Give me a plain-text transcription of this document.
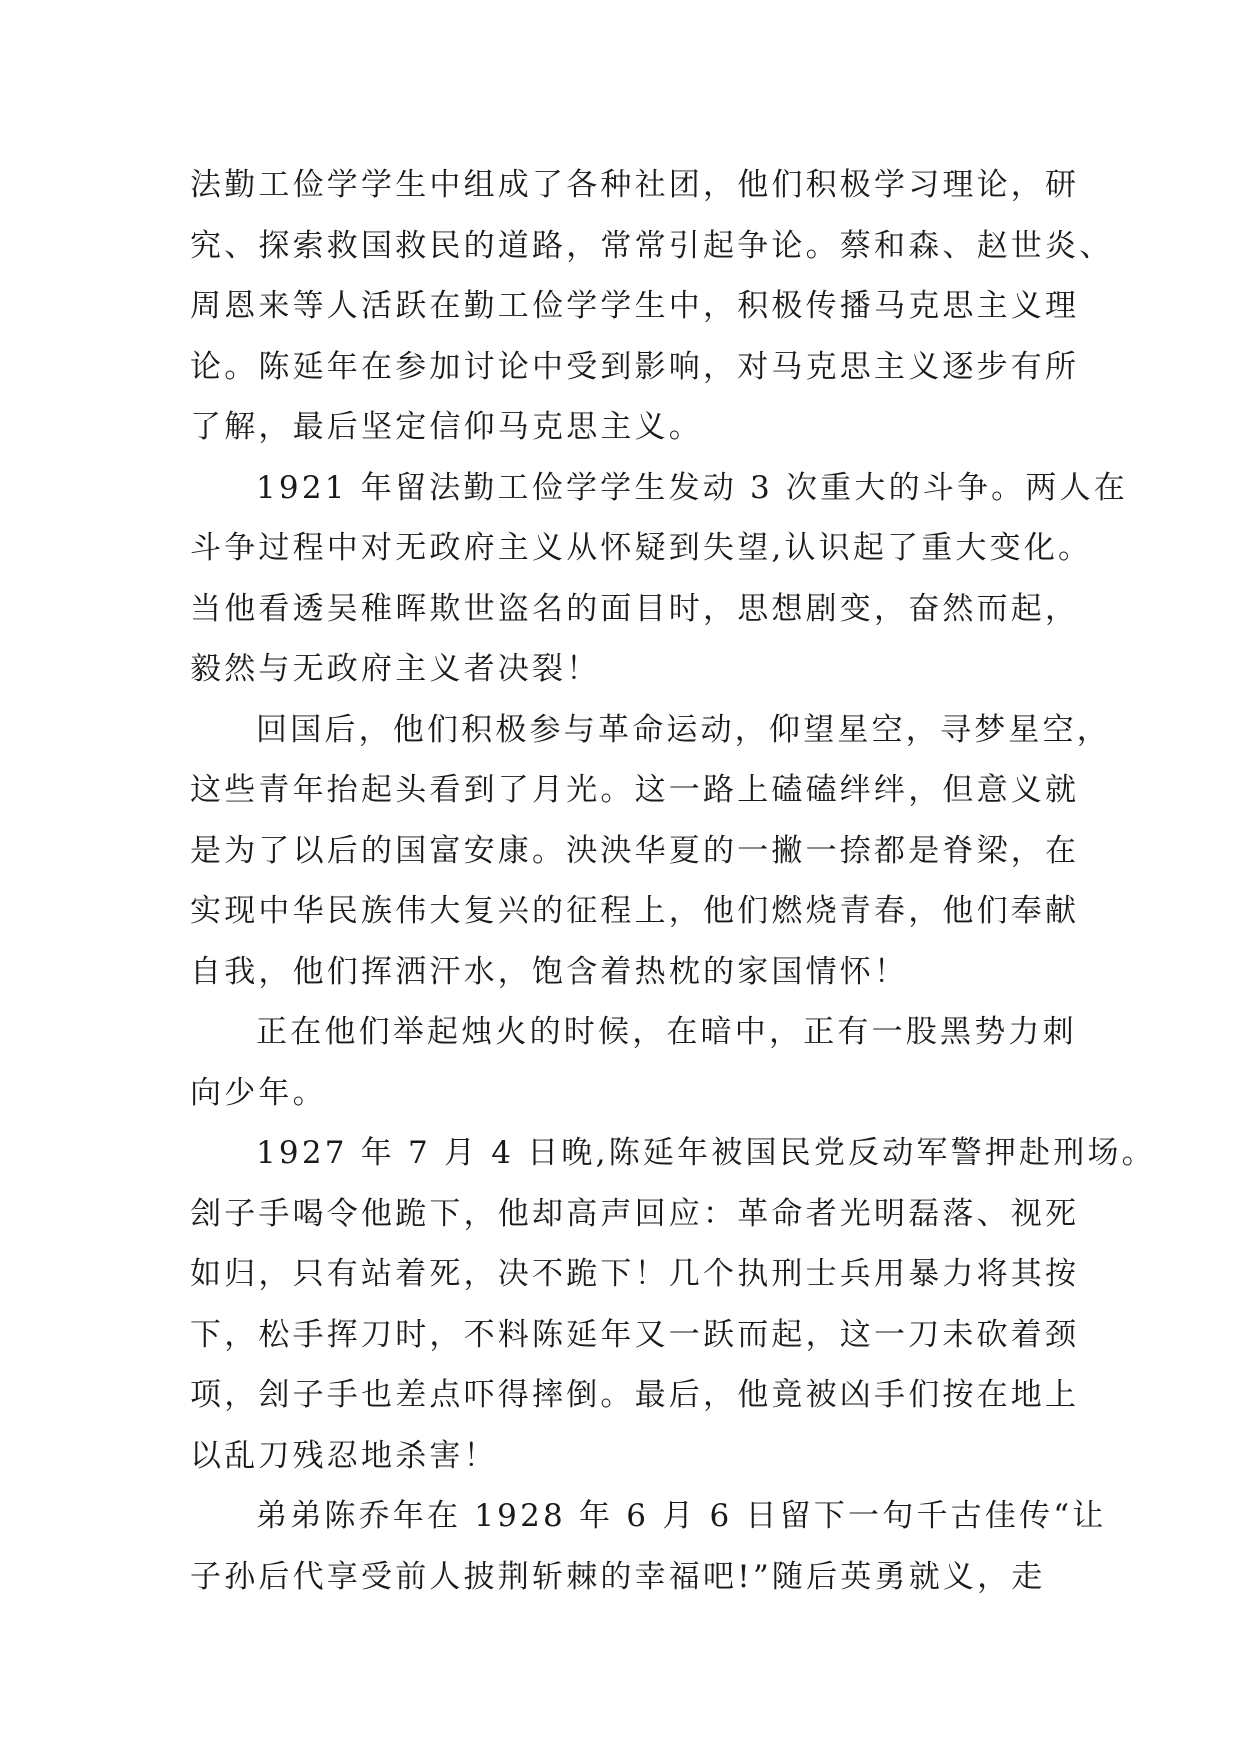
法勤工俭学学生中组成了各种社团，他们积极学习理论，研
究、探索救国救民的道路，常常引起争论。蔡和森、赵世炎、
周恩来等人活跃在勤工俭学学生中，积极传播马克思主义理
论。陈延年在参加讨论中受到影响，对马克思主义逐步有所
了解，最后坚定信仰马克思主义。
1921 年留法勤工俭学学生发动 3 次重大的斗争。两人在
斗争过程中对无政府主义从怀疑到失望,认识起了重大变化。
当他看透吴稚晖欺世盗名的面目时，思想剧变，奋然而起，
毅然与无政府主义者决裂！
回国后，他们积极参与革命运动，仰望星空，寻梦星空，
这些青年抬起头看到了月光。这一路上磕磕绊绊，但意义就
是为了以后的国富安康。泱泱华夏的一撇一捺都是脊梁，在
实现中华民族伟大复兴的征程上，他们燃烧青春，他们奉献
自我，他们挥洒汗水，饱含着热枕的家国情怀！
正在他们举起烛火的时候，在暗中，正有一股黑势力刺
向少年。
1927 年 7 月 4 日晚,陈延年被国民党反动军警押赴刑场。
刽子手喝令他跪下，他却高声回应：革命者光明磊落、视死
如归，只有站着死，决不跪下！几个执刑士兵用暴力将其按
下，松手挥刀时，不料陈延年又一跃而起，这一刀未砍着颈
项，刽子手也差点吓得摔倒。最后，他竟被凶手们按在地上
以乱刀残忍地杀害！
弟弟陈乔年在 1928 年 6 月 6 日留下一句千古佳传“让
子孙后代享受前人披荆斩棘的幸福吧!”随后英勇就义，走
